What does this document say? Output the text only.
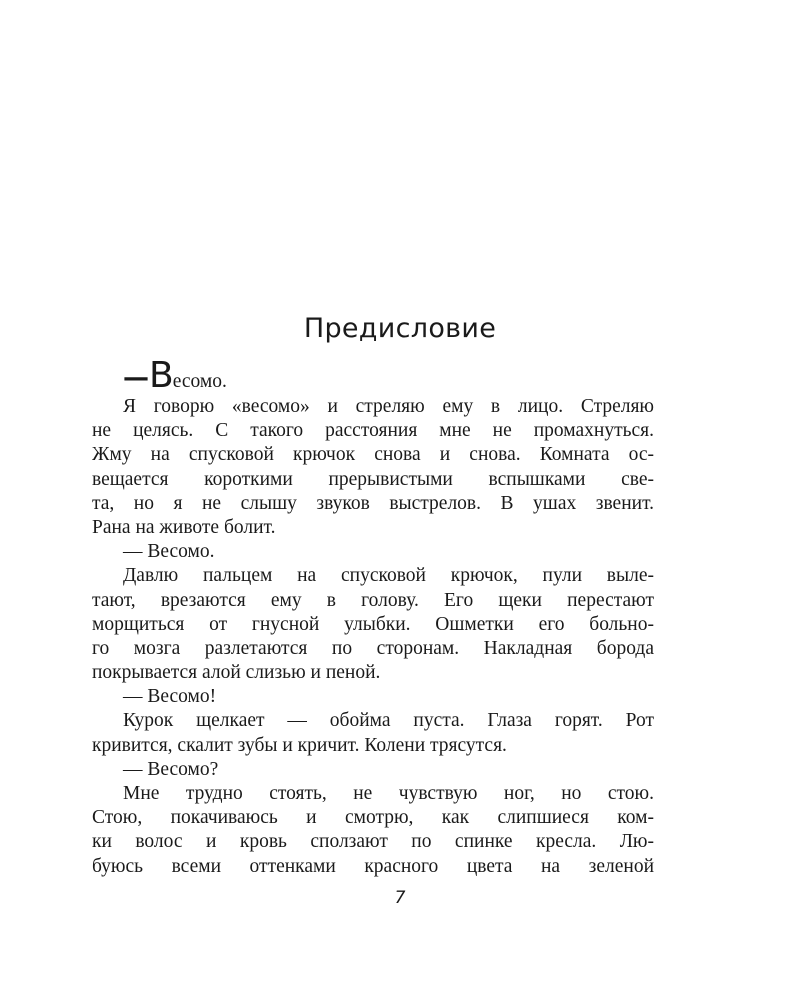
Предисловие
—Весомо.
Я говорю «весомо» и стреляю ему в лицо. Стреляю
не целясь. С такого расстояния мне не промахнуться.
Жму на спусковой крючок снова и снова. Комната ос-
вещается короткими прерывистыми вспышками све-
та, но я не слышу звуков выстрелов. В ушах звенит.
Рана на животе болит.
— Весомо.
Давлю пальцем на спусковой крючок, пули выле-
тают, врезаются ему в голову. Его щеки перестают
морщиться от гнусной улыбки. Ошметки его больно-
го мозга разлетаются по сторонам. Накладная борода
покрывается алой слизью и пеной.
— Весомо!
Курок щелкает — обойма пуста. Глаза горят. Рот
кривится, скалит зубы и кричит. Колени трясутся.
— Весомо?
Мне трудно стоять, не чувствую ног, но стою.
Стою, покачиваюсь и смотрю, как слипшиеся ком-
ки волос и кровь сползают по спинке кресла. Лю-
буюсь всеми оттенками красного цвета на зеленой
7
